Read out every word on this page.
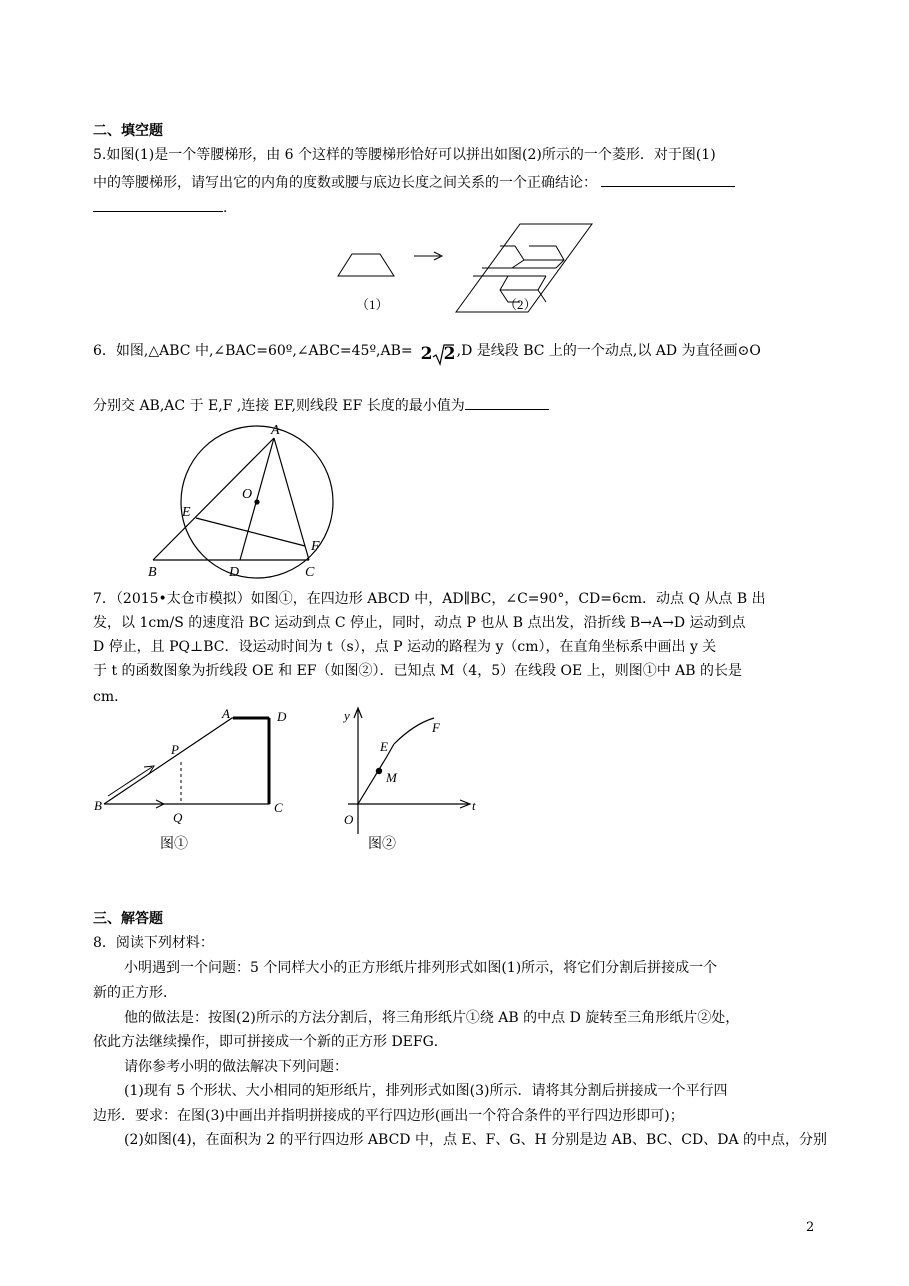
二、填空题
5.如图(1)是一个等腰梯形，由 6 个这样的等腰梯形恰好可以拼出如图(2)所示的一个菱形．对于图(1)
中的等腰梯形，请写出它的内角的度数或腰与底边长度之间关系的一个正确结论：
.
（1）	（2）
6．如图,△ABC 中,∠BAC=60º,∠ABC=45º,AB= 2 2 ,D 是线段 BC 上的一个动点,以 AD 为直径画⊙O
分别交 AB,AC 于 E,F ,连接 EF,则线段 EF 长度的最小值为
A
O
E
F
B	D	C
7．（2015•太仓市模拟）如图①，在四边形 ABCD 中，AD∥BC，∠C=90°，CD=6cm．动点 Q 从点 B 出
发，以 1cm/S 的速度沿 BC 运动到点 C 停止，同时，动点 P 也从 B 点出发，沿折线 B→A→D 运动到点
D 停止，且 PQ⊥BC．设运动时间为 t（s），点 P 运动的路程为 y（cm），在直角坐标系中画出 y 关
于 t 的函数图象为折线段 OE 和 EF（如图②）．已知点 M（4，5）在线段 OE 上，则图①中 AB 的长是
cm．
A	D
P
B
Q
C
图①
y
F
E
M
O
t
图②
三、解答题
8．阅读下列材料：
小明遇到一个问题：5 个同样大小的正方形纸片排列形式如图(1)所示，将它们分割后拼接成一个
新的正方形．
他的做法是：按图(2)所示的方法分割后，将三角形纸片①绕 AB 的中点 D 旋转至三角形纸片②处，
依此方法继续操作，即可拼接成一个新的正方形 DEFG．
请你参考小明的做法解决下列问题：
(1)现有 5 个形状、大小相同的矩形纸片，排列形式如图(3)所示．请将其分割后拼接成一个平行四
边形．要求：在图(3)中画出并指明拼接成的平行四边形(画出一个符合条件的平行四边形即可)；
(2)如图(4)，在面积为 2 的平行四边形 ABCD 中，点 E、F、G、H 分别是边 AB、BC、CD、DA 的中点，分别
2
